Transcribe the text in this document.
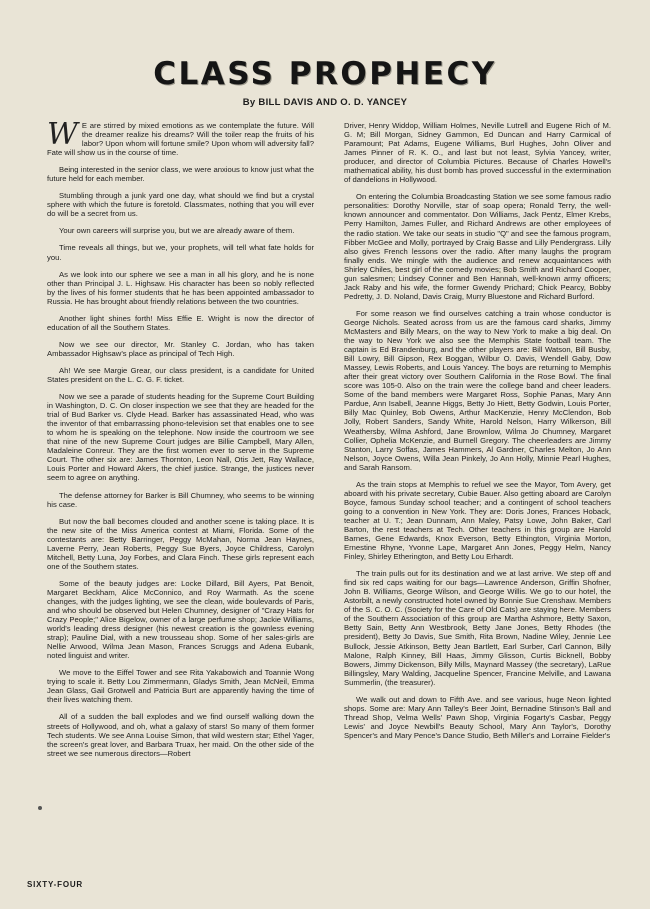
CLASS PROPHECY
By BILL DAVIS AND O. D. YANCEY

W E are stirred by mixed emotions as we contemplate the future. Will the dreamer realize his dreams? Will the toiler reap the fruits of his labor? Upon whom will fortune smile? Upon whom will adversity fall? Fate will show us in the course of time.

Being interested in the senior class, we were anxious to know just what the future held for each member.

Stumbling through a junk yard one day, what should we find but a crystal sphere with which the future is foretold. Classmates, nothing that you will ever do will be a secret from us.

Your own careers will surprise you, but we are already aware of them.

Time reveals all things, but we, your prophets, will tell what fate holds for you.

As we look into our sphere we see a man in all his glory, and he is none other than Principal J. L. Highsaw. His character has been so nobly reflected by the lives of his former students that he has been appointed ambassador to Russia. He has brought about friendly relations between the two countries.

Another light shines forth! Miss Effie E. Wright is now the director of education of all the Southern States.

Now we see our director, Mr. Stanley C. Jordan, who has taken Ambassador Highsaw's place as principal of Tech High.

Ah! We see Margie Grear, our class president, is a candidate for United States president on the L. C. G. F. ticket.

Now we see a parade of students heading for the Supreme Court Building in Washington, D. C. On closer inspection we see that they are headed for the trial of Bud Barker vs. Clyde Head. Barker has assassinated Head, who was the inventor of that embarrassing phono-television set that enables one to see to whom he is speaking on the telephone. Now inside the courtroom we see that nine of the new Supreme Court judges are Billie Campbell, Mary Allen, Madaleine Conreur. They are the first women ever to serve in the Supreme Court. The other six are: James Thornton, Leon Nall, Otis Jett, Ray Wallace, Louis Porter and Howard Akers, the chief justice. Strange, the justices never seem to agree on anything.

The defense attorney for Barker is Bill Chumney, who seems to be winning his case.

But now the ball becomes clouded and another scene is taking place. It is the new site of the Miss America contest at Miami, Florida. Some of the contestants are: Betty Barringer, Peggy McMahan, Norma Jean Haynes, Laverne Perry, Jean Roberts, Peggy Sue Byers, Joyce Childress, Carolyn Mitchell, Betty Luna, Joy Forbes, and Clara Finch. These girls represent each one of the Southern states.

Some of the beauty judges are: Locke Dillard, Bill Ayers, Pat Benoit, Margaret Beckham, Alice McConnico, and Roy Warmath. As the scene changes, with the judges lighting, we see the clean, wide boulevards of Paris, and who should be observed but Helen Chumney, designer of "Crazy Hats for Crazy People;" Alice Bigelow, owner of a large perfume shop; Jackie Williams, world's leading dress designer (his newest creation is the gownless evening strap); Pauline Dial, with a new trousseau shop. Some of her sales-girls are Nellie Arwood, Wilma Jean Mason, Frances Scruggs and Adena Eubank, noted linguist and writer.

We move to the Eiffel Tower and see Rita Yakabowich and Toannie Wong trying to scale it. Betty Lou Zimmermann, Gladys Smith, Jean McNeil, Emma Jean Glass, Gail Grotwell and Patricia Burt are apparently having the time of their lives watching them.

All of a sudden the ball explodes and we find ourself walking down the streets of Hollywood, and oh, what a galaxy of stars! So many of them former Tech students. We see Anna Louise Simon, that wild western star; Ethel Yager, the screen's great lover, and Barbara Truax, her maid. On the other side of the street we see numerous directors—Robert

Driver, Henry Widdop, William Holmes, Neville Lutrell and Eugene Rich of M. G. M; Bill Morgan, Sidney Gammon, Ed Duncan and Harry Carmical of Paramount; Pat Adams, Eugene Williams, Burl Hughes, John Oliver and James Pinner of R. K. O., and last but not least, Sylvia Yancey, writer, producer, and director of Columbia Pictures. Because of Charles Howell's mathematical ability, his dust bomb has proved successful in the extermination of dandelions in Hollywood.

On entering the Columbia Broadcasting Station we see some famous radio personalities: Dorothy Norville, star of soap opera; Ronald Terry, the well-known announcer and commentator. Don Williams, Jack Pentz, Elmer Krebs, Perry Hamilton, James Fuller, and Richard Andrews are other employees of the radio station. We take our seats in studio "Q" and see the famous program, Fibber McGee and Molly, portrayed by Craig Basse and Lilly Pendergrass. Lilly also gives French lessons over the radio. After many laughs the program finally ends. We mingle with the audience and renew acquaintances with Shirley Chiles, best girl of the comedy movies; Bob Smith and Richard Cooper, gun salesmen; Lindsey Conner and Ben Hannah, well-known army officers; Jack Raby and his wife, the former Gwendy Prichard; Chick Pearcy, Bobby Pedretty, J. D. Noland, Davis Craig, Murry Bluestone and Richard Burford.

For some reason we find ourselves catching a train whose conductor is George Nichols. Seated across from us are the famous card sharks, Jimmy McMasters and Billy Mears, on the way to New York to make a big deal. On the way to New York we also see the Memphis State football team. The captain is Ed Brandenburg, and the other players are: Bill Watson, Bill Busby, Bill Lowry, Bill Gipson, Rex Boggan, Wilbur O. Davis, Wendell Gaby, Dow Massey, Lewis Roberts, and Louis Yancey. The boys are returning to Memphis after their great victory over Southern California in the Rose Bowl. The final score was 105-0. Also on the train were the college band and cheer leaders. Some of the band members were Margaret Ross, Sophie Panas, Mary Ann Pardue, Ann Isabell, Jeanne Higgs, Betty Jo Hiett, Betty Godwin, Louis Porter, Billy Mac Quinley, Bob Owens, Arthur MacKenzie, Henry McClendon, Bob Jolly, Robert Sanders, Sandy White, Harold Nelson, Harry Wilkerson, Bill Weathersby, Wilma Ashford, Jane Brownlow, Wilma Jo Chumney, Margaret Collier, Ophelia McKenzie, and Burnell Gregory. The cheerleaders are Jimmy Stanton, Larry Soffas, James Hammers, Al Gardner, Charles Melton, Jo Ann Nelson, Joyce Owens, Willa Jean Pinkely, Jo Ann Holly, Minnie Pearl Hughes, and Sarah Ransom.

As the train stops at Memphis to refuel we see the Mayor, Tom Avery, get aboard with his private secretary, Cubie Bauer. Also getting aboard are Carolyn Boyce, famous Sunday school teacher; and a contingent of school teachers going to a convention in New York. They are: Doris Jones, Frances Hoback, teacher at U. T.; Jean Dunnam, Ann Maley, Patsy Lowe, John Baker, Carl Barton, the rest teachers at Tech. Other teachers in this group are Harold Barnes, Gene Edwards, Knox Everson, Betty Ethington, Virginia Morton, Ernestine Rhyne, Yvonne Lape, Margaret Ann Jones, Peggy Helm, Nancy Finley, Shirley Etherington, and Betty Lou Erhardt.

The train pulls out for its destination and we at last arrive. We step off and find six red caps waiting for our bags—Lawrence Anderson, Griffin Shofner, John B. Williams, George Wilson, and George Willis. We go to our hotel, the Astorbilt, a newly constructed hotel owned by Bonnie Sue Crenshaw. Members of the S. C. O. C. (Society for the Care of Old Cats) are staying here. Members of the Southern Association of this group are Martha Ashmore, Betty Saxon, Betty Sain, Betty Ann Westbrook, Betty Jane Jones, Betty Rhodes (the president), Betty Jo Davis, Sue Smith, Rita Brown, Nadine Wiley, Jennie Lee Bullock, Jessie Atkinson, Betty Jean Bartlett, Earl Surber, Carl Cannon, Billy Malone, Ralph Kinney, Bill Haas, Jimmy Glisson, Curtis Bicknell, Bobby Bowers, Jimmy Dickenson, Billy Mills, Maynard Massey (the secretary), LaRue Billingsley, Mary Walding, Jacqueline Spencer, Francine Melville, and Lawana Summerlin, (the treasurer).

We walk out and down to Fifth Ave. and see various, huge Neon lighted shops. Some are: Mary Ann Talley's Beer Joint, Bernadine Stinson's Ball and Thread Shop, Velma Wells' Pawn Shop, Virginia Fogarty's Casbar, Peggy Lewis' and Joyce Newbill's Beauty School, Mary Ann Taylor's, Dorothy Spencer's and Mary Pence's Dance Studio, Beth Miller's and Lorraine Fielder's

SIXTY-FOUR
